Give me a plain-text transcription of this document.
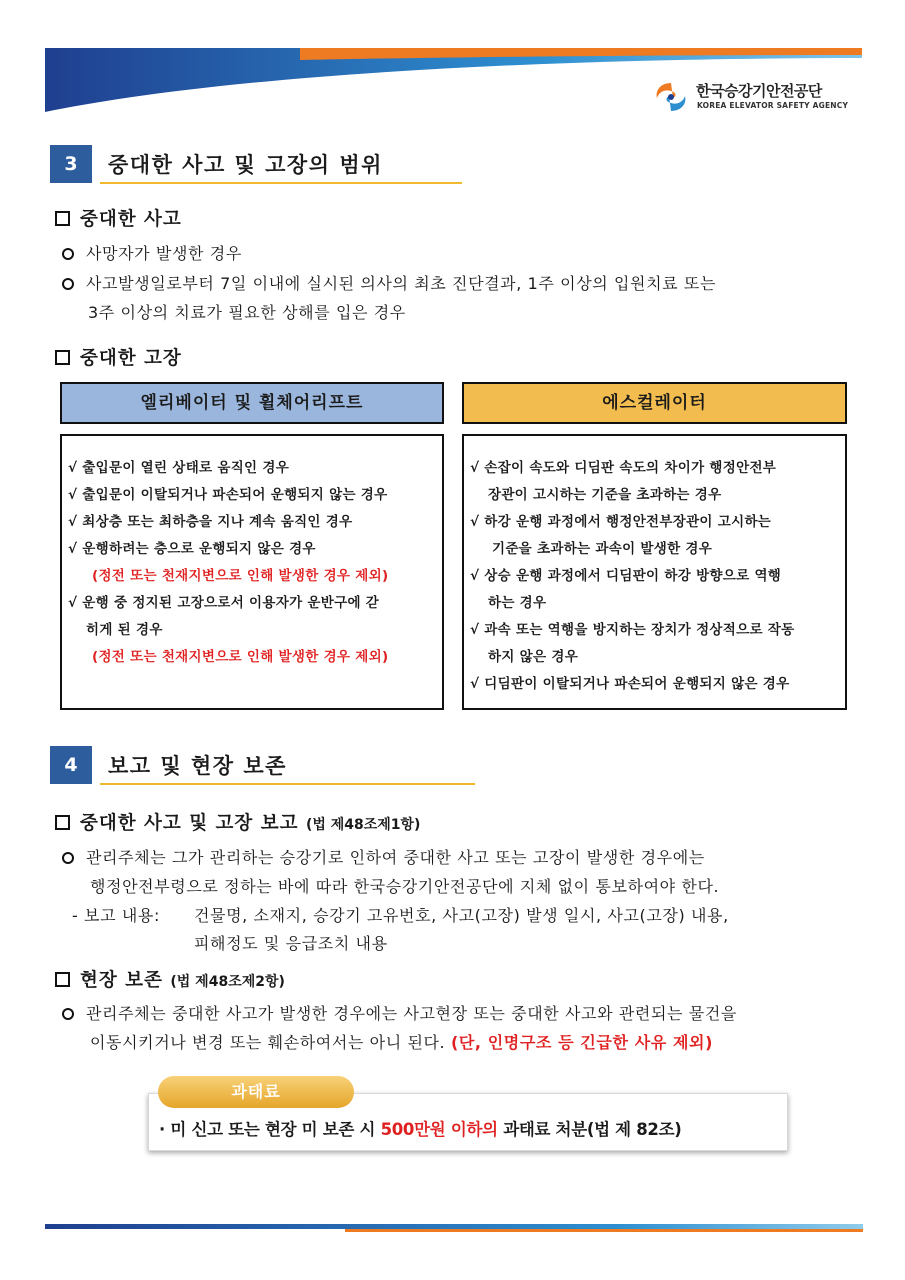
한국승강기안전공단
KOREA ELEVATOR SAFETY AGENCY
3	중대한 사고 및 고장의 범위
중대한 사고
사망자가 발생한 경우
사고발생일로부터 7일 이내에 실시된 의사의 최초 진단결과, 1주 이상의 입원치료 또는
3주 이상의 치료가 필요한 상해를 입은 경우
중대한 고장
엘리베이터 및 휠체어리프트	에스컬레이터
√ 출입문이 열린 상태로 움직인 경우
√ 출입문이 이탈되거나 파손되어 운행되지 않는 경우
√ 최상층 또는 최하층을 지나 계속 움직인 경우
√ 운행하려는 층으로 운행되지 않은 경우
(정전 또는 천재지변으로 인해 발생한 경우 제외)
√ 운행 중 정지된 고장으로서 이용자가 운반구에 갇
히게 된 경우
(정전 또는 천재지변으로 인해 발생한 경우 제외)
√ 손잡이 속도와 디딤판 속도의 차이가 행정안전부
장관이 고시하는 기준을 초과하는 경우
√ 하강 운행 과정에서 행정안전부장관이 고시하는
기준을 초과하는 과속이 발생한 경우
√ 상승 운행 과정에서 디딤판이 하강 방향으로 역행
하는 경우
√ 과속 또는 역행을 방지하는 장치가 정상적으로 작동
하지 않은 경우
√ 디딤판이 이탈되거나 파손되어 운행되지 않은 경우
4	보고 및 현장 보존
중대한 사고 및 고장 보고 (법 제48조제1항)
관리주체는 그가 관리하는 승강기로 인하여 중대한 사고 또는 고장이 발생한 경우에는
행정안전부령으로 정하는 바에 따라 한국승강기안전공단에 지체 없이 통보하여야 한다.
- 보고 내용: 건물명, 소재지, 승강기 고유번호, 사고(고장) 발생 일시, 사고(고장) 내용,
피해정도 및 응급조치 내용
현장 보존 (법 제48조제2항)
관리주체는 중대한 사고가 발생한 경우에는 사고현장 또는 중대한 사고와 관련되는 물건을
이동시키거나 변경 또는 훼손하여서는 아니 된다. (단, 인명구조 등 긴급한 사유 제외)
과태료
· 미 신고 또는 현장 미 보존 시 500만원 이하의 과태료 처분(법 제 82조)
